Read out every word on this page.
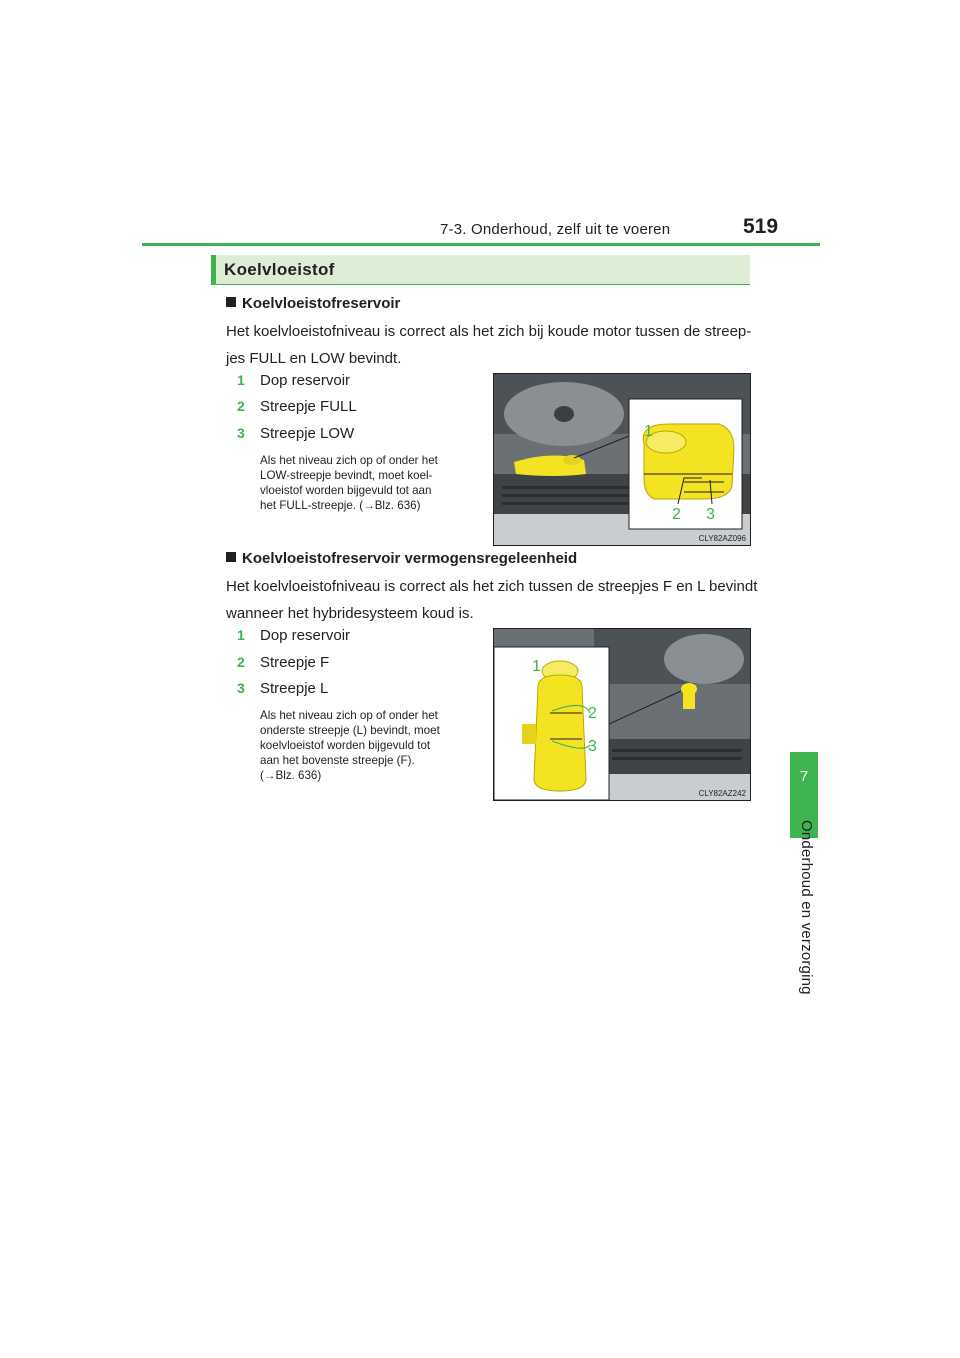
7-3. Onderhoud, zelf uit te voeren	519
7
Onderhoud en verzorging
Koelvloeistof
Koelvloeistofreservoir
Het koelvloeistofniveau is correct als het zich bij koude motor tussen de streep-
jes FULL en LOW bevindt.
1	Dop reservoir
2	Streepje FULL
3	Streepje LOW
Als het niveau zich op of onder het
LOW-streepje bevindt, moet koel-
vloeistof worden bijgevuld tot aan
het FULL-streepje. (→Blz. 636)
1
2 3
CLY82AZ096
Koelvloeistofreservoir vermogensregeleenheid
Het koelvloeistofniveau is correct als het zich tussen de streepjes F en L bevindt
wanneer het hybridesysteem koud is.
1	Dop reservoir
2	Streepje F
3	Streepje L
Als het niveau zich op of onder het
onderste streepje (L) bevindt, moet
koelvloeistof worden bijgevuld tot
aan het bovenste streepje (F).
(→Blz. 636)
1
2
3
CLY82AZ242
